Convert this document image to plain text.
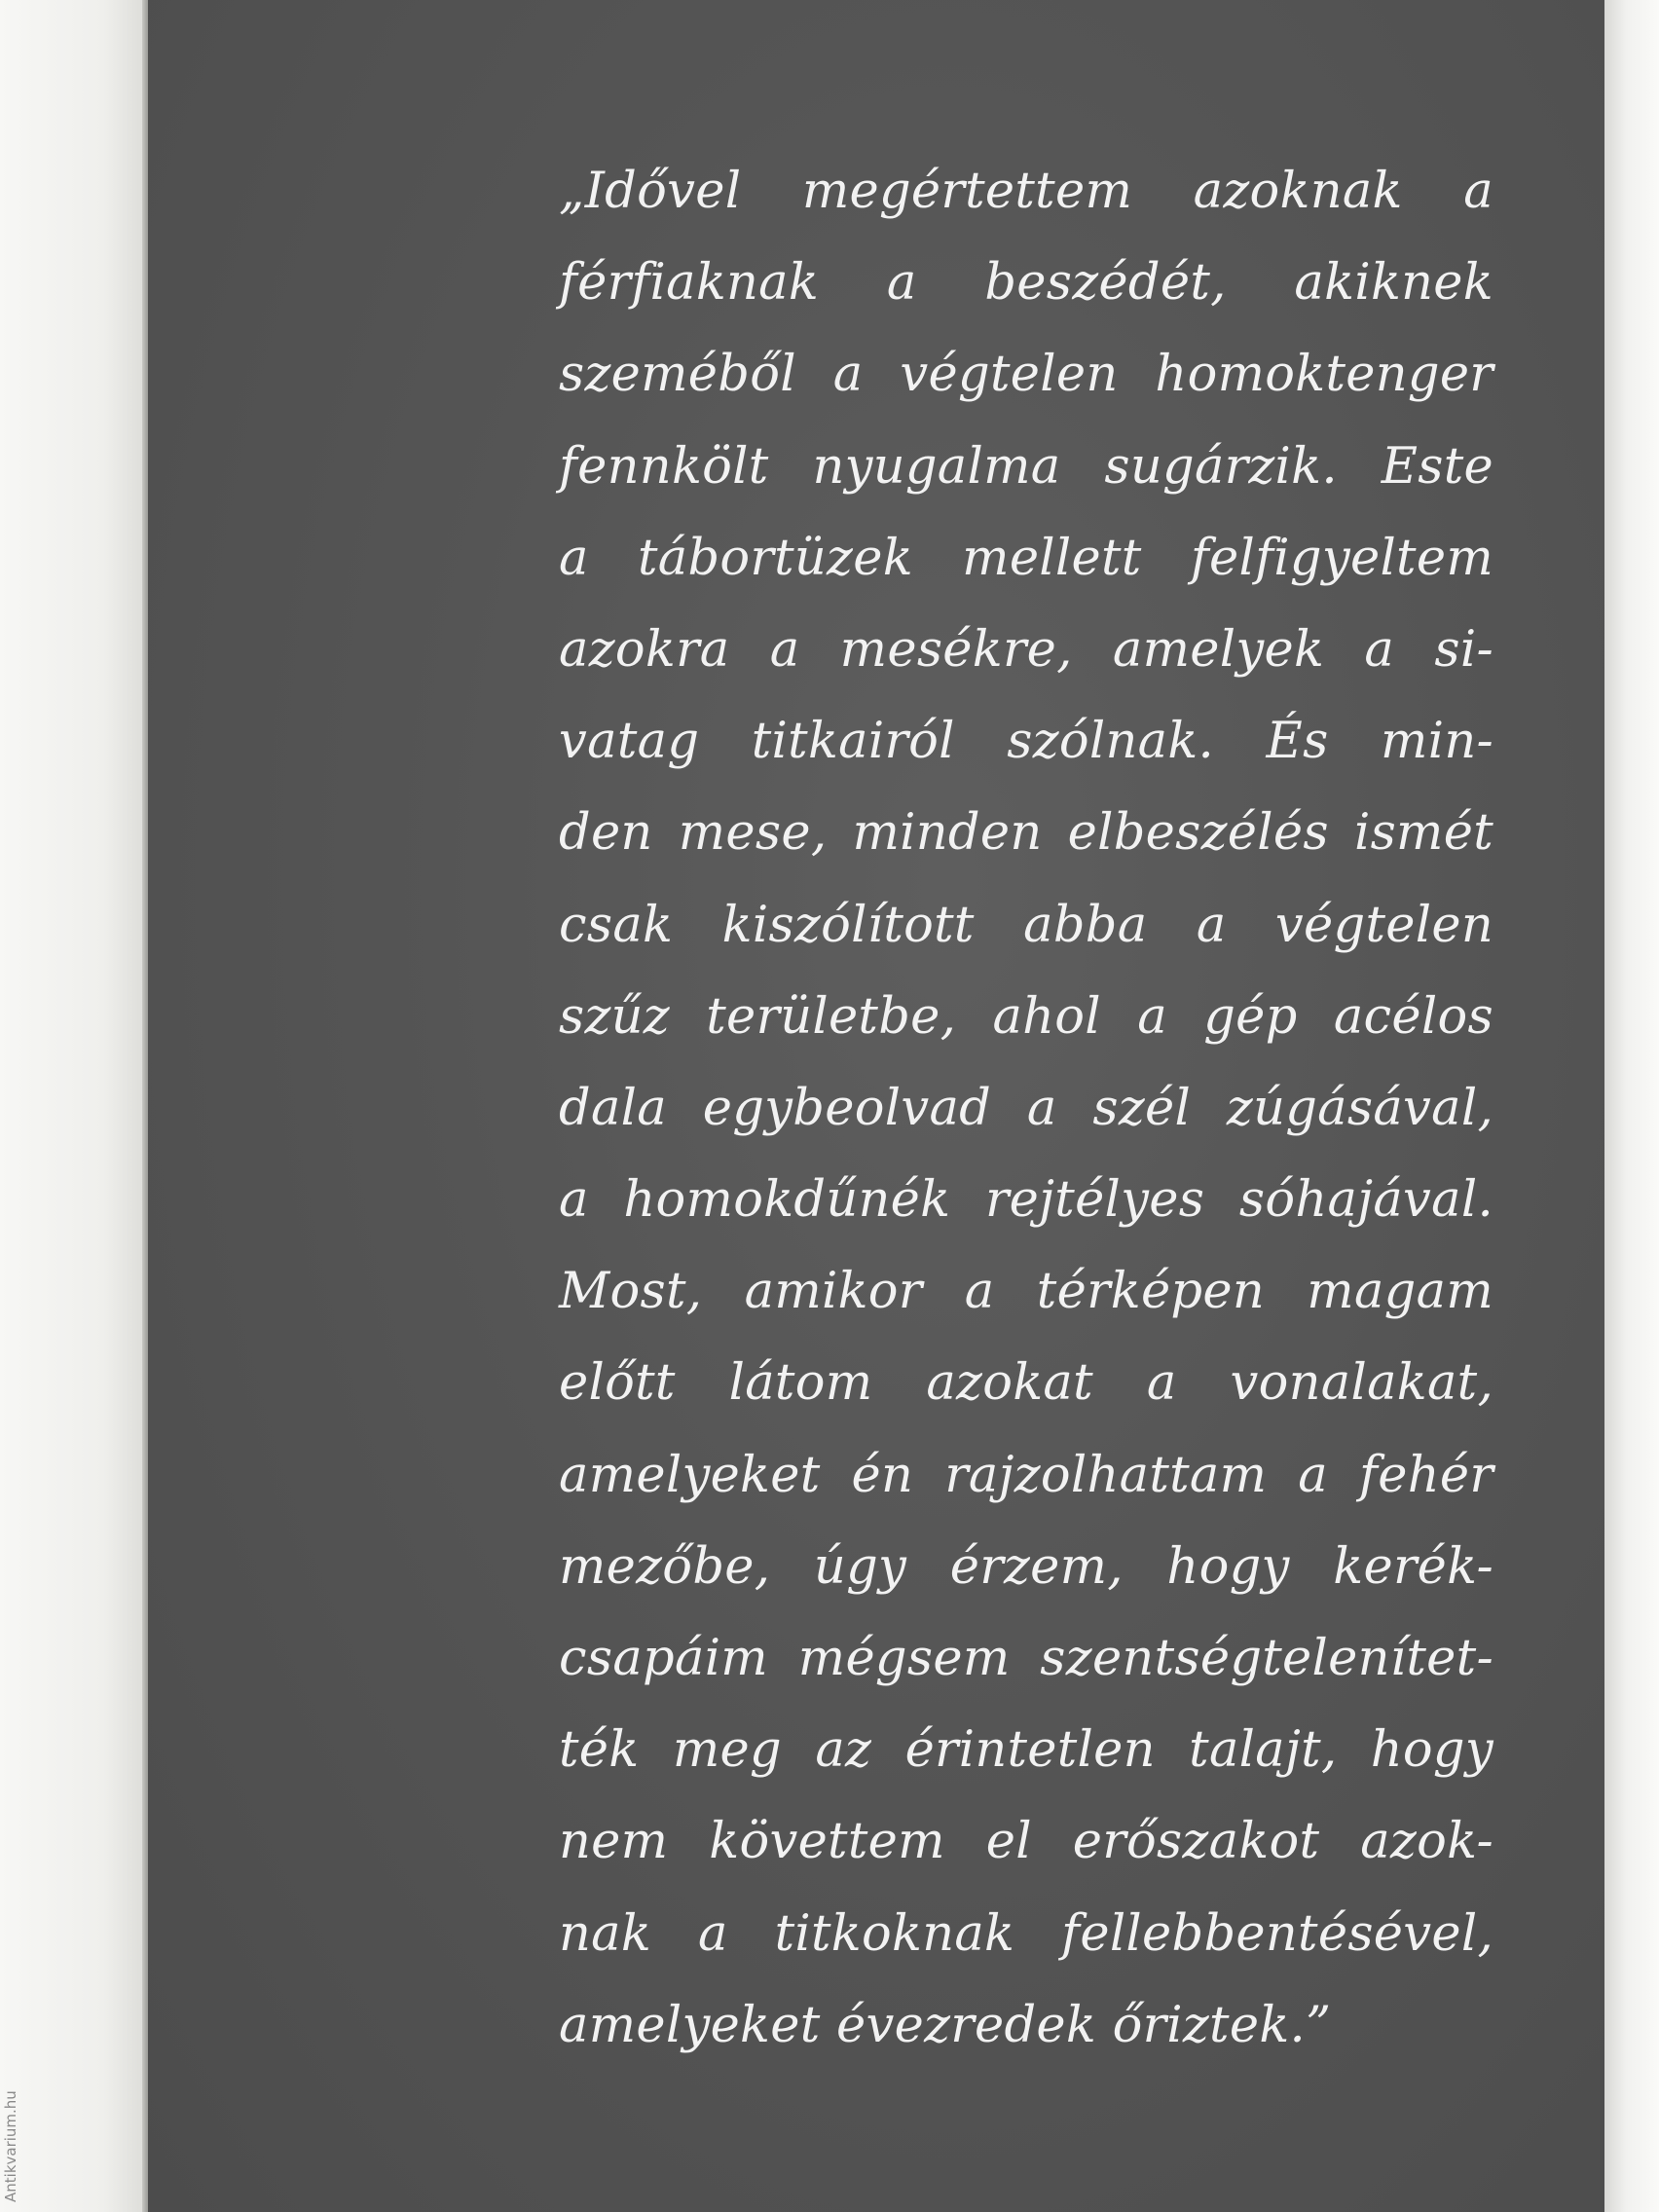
„Idővel megértettem azoknak a
férfiaknak a beszédét, akiknek
szeméből a végtelen homoktenger
fennkölt nyugalma sugárzik. Este
a tábortüzek mellett felfigyeltem
azokra a mesékre, amelyek a si-
vatag titkairól szólnak. És min-
den mese, minden elbeszélés ismét
csak kiszólított abba a végtelen
szűz területbe, ahol a gép acélos
dala egybeolvad a szél zúgásával,
a homokdűnék rejtélyes sóhajával.
Most, amikor a térképen magam
előtt látom azokat a vonalakat,
amelyeket én rajzolhattam a fehér
mezőbe, úgy érzem, hogy kerék-
csapáim mégsem szentségtelenítet-
ték meg az érintetlen talajt, hogy
nem követtem el erőszakot azok-
nak a titkoknak fellebbentésével,
amelyeket évezredek őriztek.”

Antikvarium.hu
